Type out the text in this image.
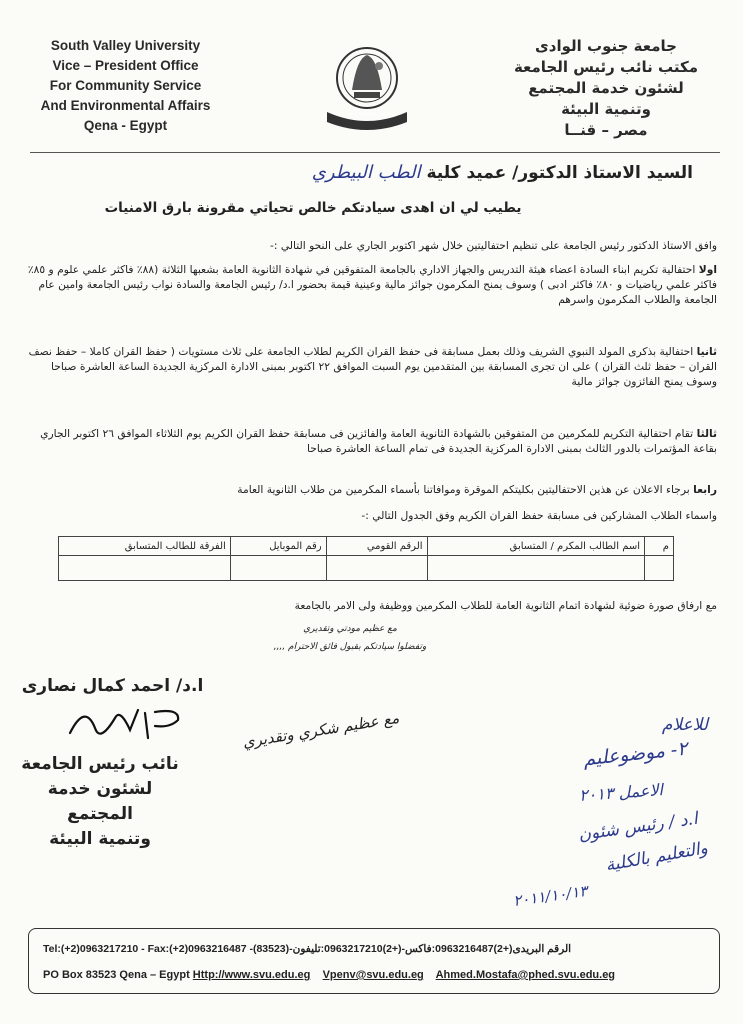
South Valley University
Vice – President Office
For Community Service
And Environmental Affairs
Qena - Egypt
جامعة جنوب الوادى
جامعة جنوب الوادى
مكتب نائب رئيس الجامعة
لشئون خدمة المجتمع
وتنمية البيئة
مصر – قنــا
السيد الاستاذ الدكتور/ عميد كلية الطب البيطري
يطيب لي ان اهدى سيادتكم خالص تحياتي مقرونة بارق الامنيات
وافق الاستاذ الدكتور رئيس الجامعة على تنظيم احتفاليتين خلال شهر اكتوبر الجاري على النحو التالي :-
اولا احتفالية تكريم ابناء السادة اعضاء هيئة التدريس والجهاز الاداري بالجامعة المتفوقين في شهادة الثانوية العامة بشعبها الثلاثة (٨٨٪ فاكثر علمي علوم و ٨٥٪ فاكثر علمي رياضيات و ٨٠٪ فاكثر ادبى ) وسوف يمنح المكرمون جوائز مالية وعينية قيمة بحضور ا.د/ رئيس الجامعة والسادة نواب رئيس الجامعة وامين عام الجامعة والطلاب المكرمون واسرهم
ثانيا احتفالية بذكرى المولد النبوي الشريف وذلك بعمل مسابقة فى حفظ القران الكريم لطلاب الجامعة على ثلاث مستويات ( حفظ القران كاملا – حفظ نصف القران – حفظ ثلث القران ) على ان تجرى المسابقة بين المتقدمين يوم السبت الموافق ٢٢ اكتوبر بمبنى الادارة المركزية الجديدة الساعة العاشرة صباحا وسوف يمنح الفائزون جوائز مالية
ثالثا تقام احتفالية التكريم للمكرمين من المتفوقين بالشهادة الثانوية العامة والفائزين فى مسابقة حفظ القران الكريم يوم الثلاثاء الموافق ٢٦ اكتوبر الجاري بقاعة المؤتمرات بالدور الثالث بمبنى الادارة المركزية الجديدة فى تمام الساعة العاشرة صباحا
رابعا برجاء الاعلان عن هذين الاحتفاليتين بكليتكم الموقرة وموافاتنا بأسماء المكرمين من طلاب الثانوية العامة
واسماء الطلاب المشاركين فى مسابقة حفظ القران الكريم وفق الجدول التالي :-
م	اسم الطالب المكرم / المتسابق	الرقم القومي	رقم الموبايل	الفرقة للطالب المتسابق

مع ارفاق صورة ضوئية لشهادة اتمام الثانوية العامة للطلاب المكرمين ووظيفة ولى الامر بالجامعة
مع عظيم مودتي وتقديري
وتفضلوا سيادتكم بقبول فائق الاحترام ,,,,
ا.د/ احمد كمال نصارى
نائب رئيس الجامعة
لشئون خدمة المجتمع
وتنمية البيئة
مع عظيم شكري وتقديري	للاعلام
٢- موضوعليم
الاعمل ٢٠١٣
ا.د / رئيس شئون
والتعليم بالكلية
٢٠١١/١٠/١٣
Tel:(+2)0963217210 - Fax:(+2)0963216487 -(83523)-الرقم البريدى(+2)0963216487:فاكس-(+2)0963217210:تليفون
PO Box 83523 Qena – Egypt Http://www.svu.edu.eg Vpenv@svu.edu.eg Ahmed.Mostafa@phed.svu.edu.eg
